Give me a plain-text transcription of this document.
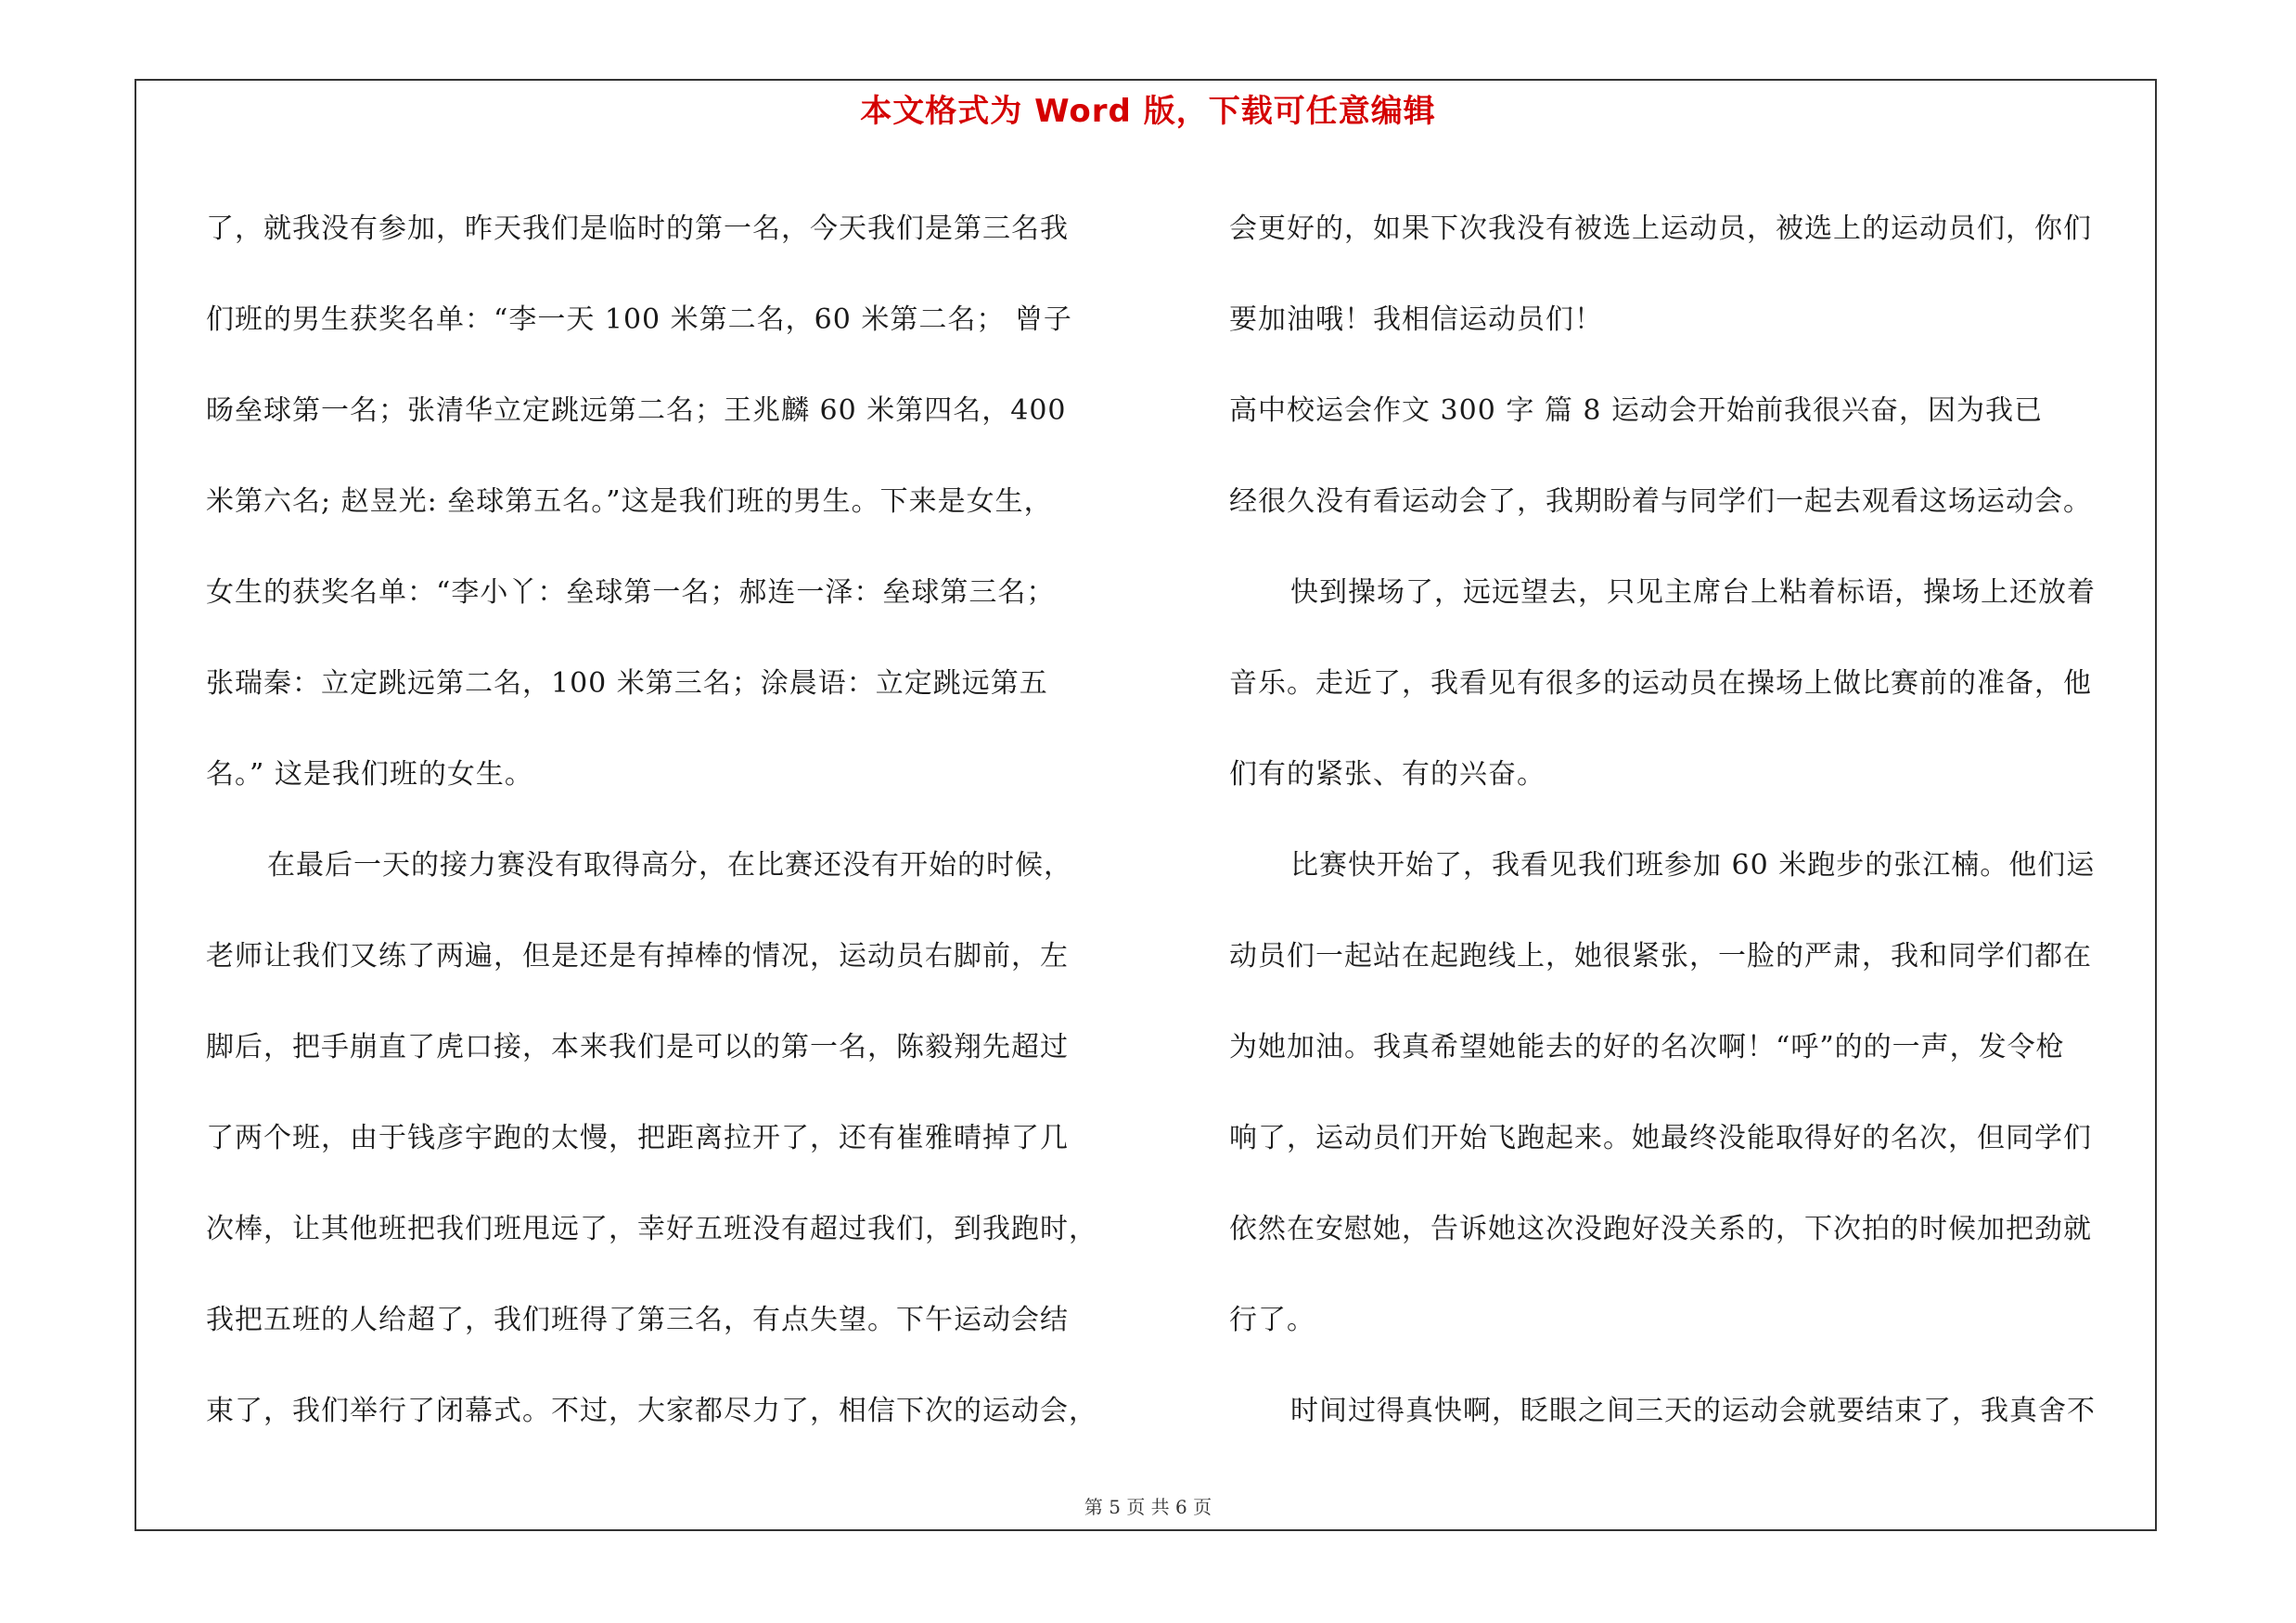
本文格式为 Word 版，下载可任意编辑
了，就我没有参加，昨天我们是临时的第一名，今天我们是第三名我
们班的男生获奖名单：“李一天 100 米第二名，60 米第二名； 曾子
旸垒球第一名；张清华立定跳远第二名；王兆麟 60 米第四名，400
米第六名; 赵昱光: 垒球第五名。”这是我们班的男生。下来是女生，
女生的获奖名单：“李小丫：垒球第一名；郝连一泽：垒球第三名；
张瑞秦：立定跳远第二名，100 米第三名；涂晨语：立定跳远第五
名。” 这是我们班的女生。
在最后一天的接力赛没有取得高分，在比赛还没有开始的时候，
老师让我们又练了两遍，但是还是有掉棒的情况，运动员右脚前，左
脚后，把手崩直了虎口接，本来我们是可以的第一名，陈毅翔先超过
了两个班，由于钱彦宇跑的太慢，把距离拉开了，还有崔雅晴掉了几
次棒，让其他班把我们班甩远了，幸好五班没有超过我们，到我跑时，
我把五班的人给超了，我们班得了第三名，有点失望。下午运动会结
束了，我们举行了闭幕式。不过，大家都尽力了，相信下次的运动会，
会更好的，如果下次我没有被选上运动员，被选上的运动员们，你们
要加油哦！我相信运动员们！
高中校运会作文 300 字 篇 8 运动会开始前我很兴奋，因为我已
经很久没有看运动会了，我期盼着与同学们一起去观看这场运动会。
快到操场了，远远望去，只见主席台上粘着标语，操场上还放着
音乐。走近了，我看见有很多的运动员在操场上做比赛前的准备，他
们有的紧张、有的兴奋。
比赛快开始了，我看见我们班参加 60 米跑步的张江楠。他们运
动员们一起站在起跑线上，她很紧张，一脸的严肃，我和同学们都在
为她加油。我真希望她能去的好的名次啊！“呼”的的一声，发令枪
响了，运动员们开始飞跑起来。她最终没能取得好的名次，但同学们
依然在安慰她，告诉她这次没跑好没关系的，下次拍的时候加把劲就
行了。
时间过得真快啊，眨眼之间三天的运动会就要结束了，我真舍不
第 5 页 共 6 页
